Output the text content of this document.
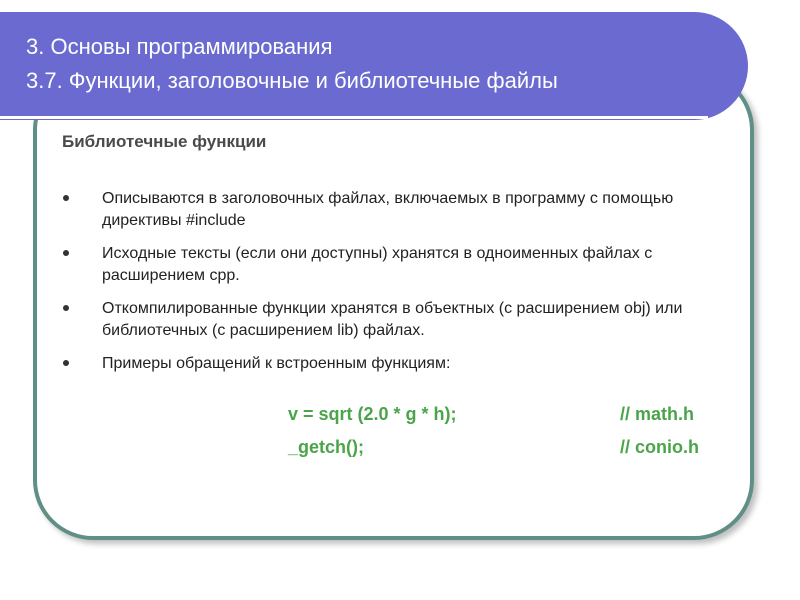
3. Основы программирования
3.7. Функции, заголовочные и библиотечные файлы
Библиотечные функции
Описываются в заголовочных файлах, включаемых в программу с помощью директивы #include
Исходные тексты (если они доступны) хранятся в одноименных файлах с расширением cpp.
Откомпилированные функции хранятся в объектных (с расширением obj) или библиотечных (с расширением lib) файлах.
Примеры обращений к встроенным функциям:
v = sqrt (2.0 * g * h);	// math.h
_getch();	// conio.h
